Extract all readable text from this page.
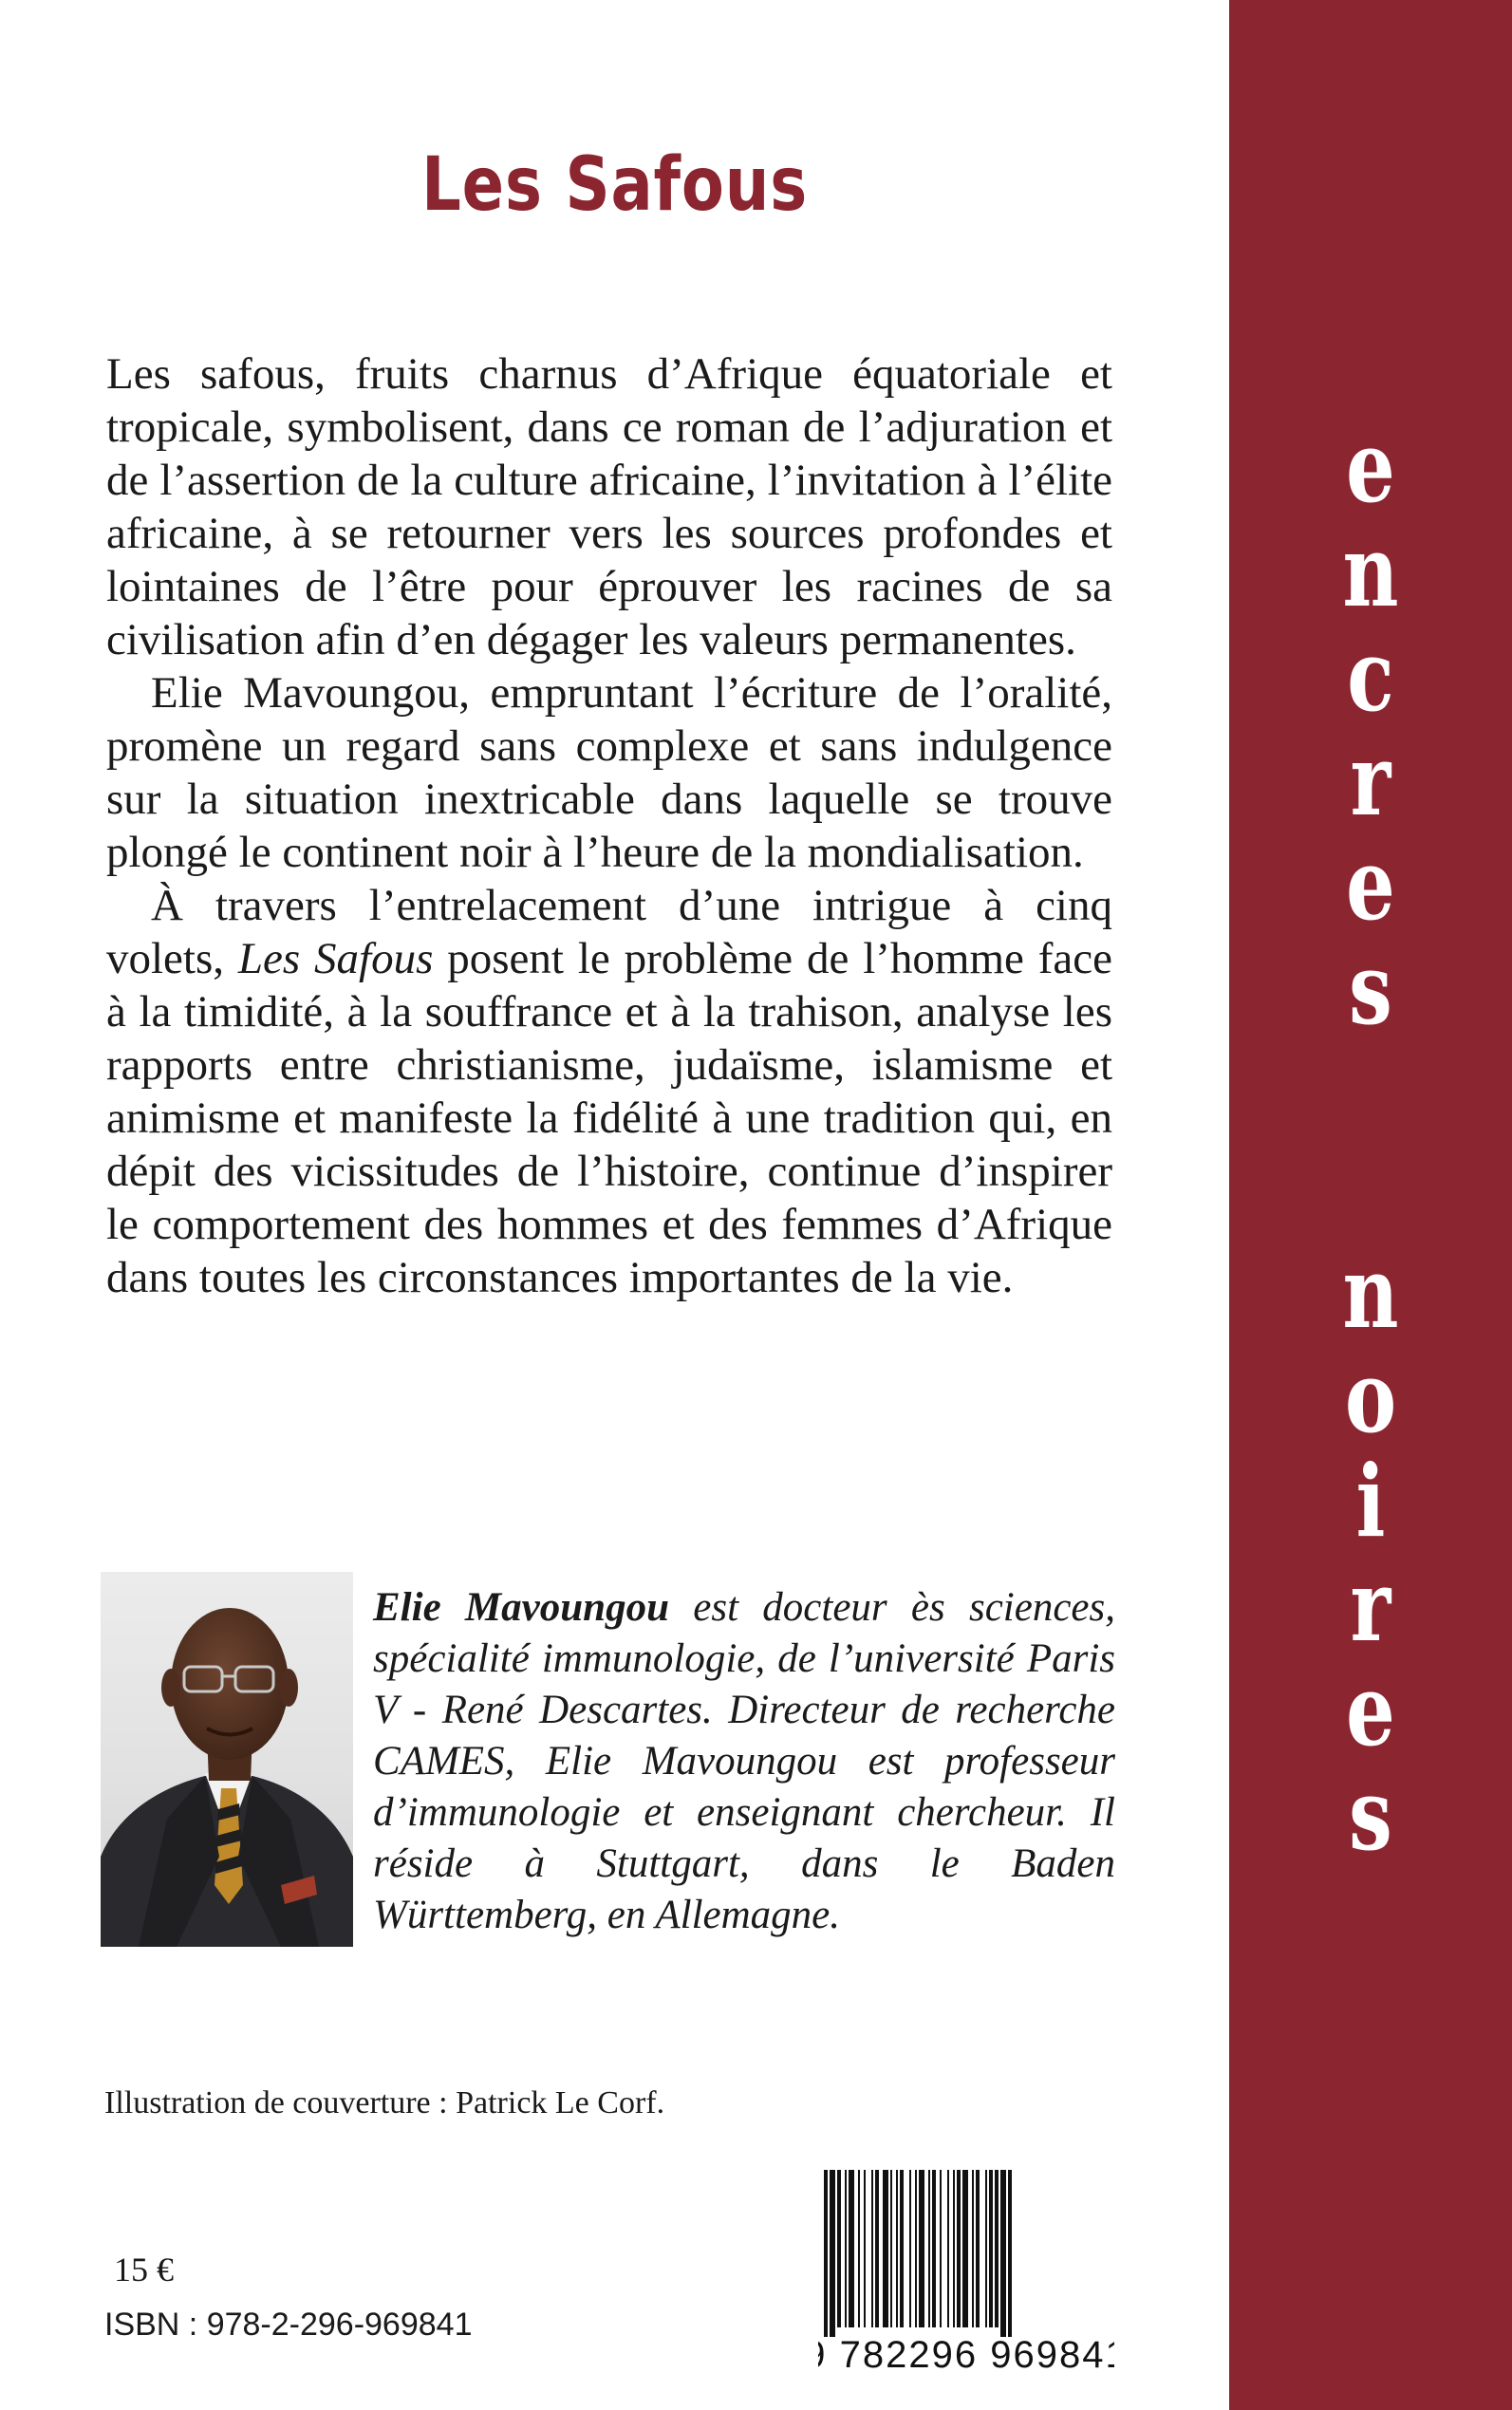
Les Safous

Les safous, fruits charnus d’Afrique équatoriale et tropicale, symbolisent, dans ce roman de l’adjuration et de l’assertion de la culture africaine, l’invitation à l’élite africaine, à se retourner vers les sources profondes et lointaines de l’être pour éprouver les racines de sa civilisation afin d’en dégager les valeurs permanentes.

Elie Mavoungou, empruntant l’écriture de l’oralité, promène un regard sans complexe et sans indulgence sur la situation inextricable dans laquelle se trouve plongé le continent noir à l’heure de la mondialisation.

À travers l’entrelacement d’une intrigue à cinq volets, Les Safous posent le problème de l’homme face à la timidité, à la souffrance et à la trahison, analyse les rapports entre christianisme, judaïsme, islamisme et animisme et manifeste la fidélité à une tradition qui, en dépit des vicissitudes de l’histoire, continue d’inspirer le comportement des hommes et des femmes d’Afrique dans toutes les circonstances importantes de la vie.

Elie Mavoungou est docteur ès sciences, spécialité immunologie, de l’université Paris V - René Descartes. Directeur de recherche CAMES, Elie Mavoungou est professeur d’immunologie et enseignant chercheur. Il réside à Stuttgart, dans le Baden Württemberg, en Allemagne.
Illustration de couverture : Patrick Le Corf.
15 €
ISBN : 978-2-296-969841
9 782296 969841
e
n
c
r
e
s
n
o
i
r
e
s
